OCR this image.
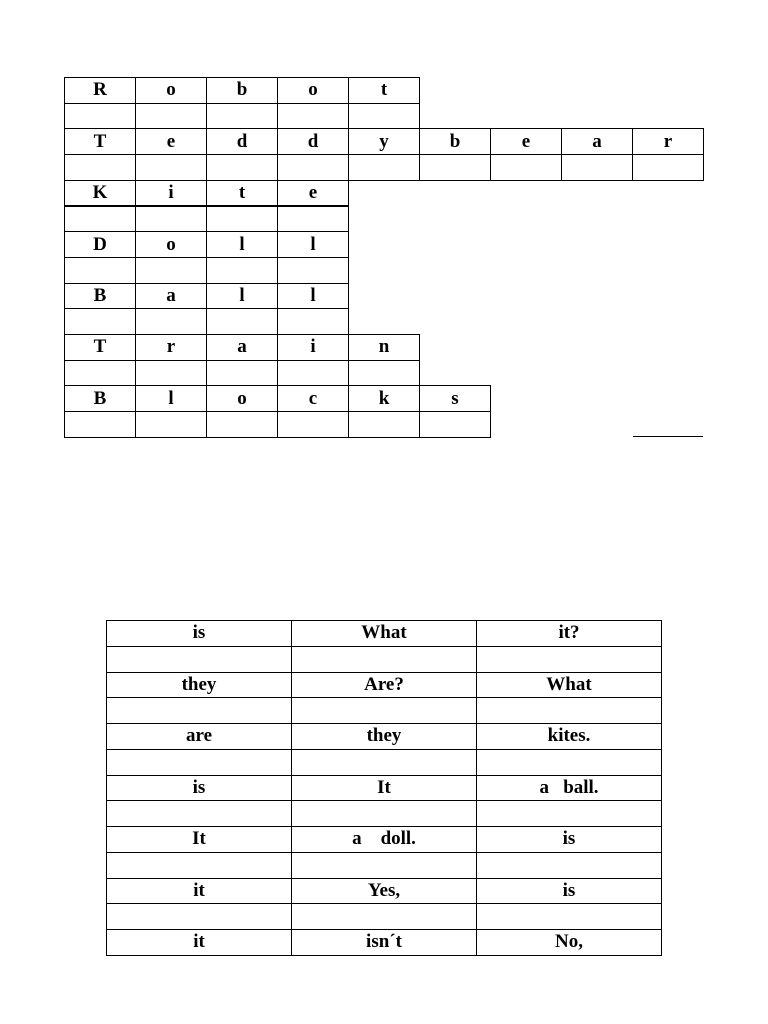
R	o	b	o	t
T	e	d	d	y	b	e	a	r
K	i	t	e
D	o	l	l
B	a	l	l
T	r	a	i	n
B	l	o	c	k	s
is	What	it?
they	Are?	What
are	they	kites.
is	It	a   ball.
It	a    doll.	is
it	Yes,	is
it	isn´t	No,
